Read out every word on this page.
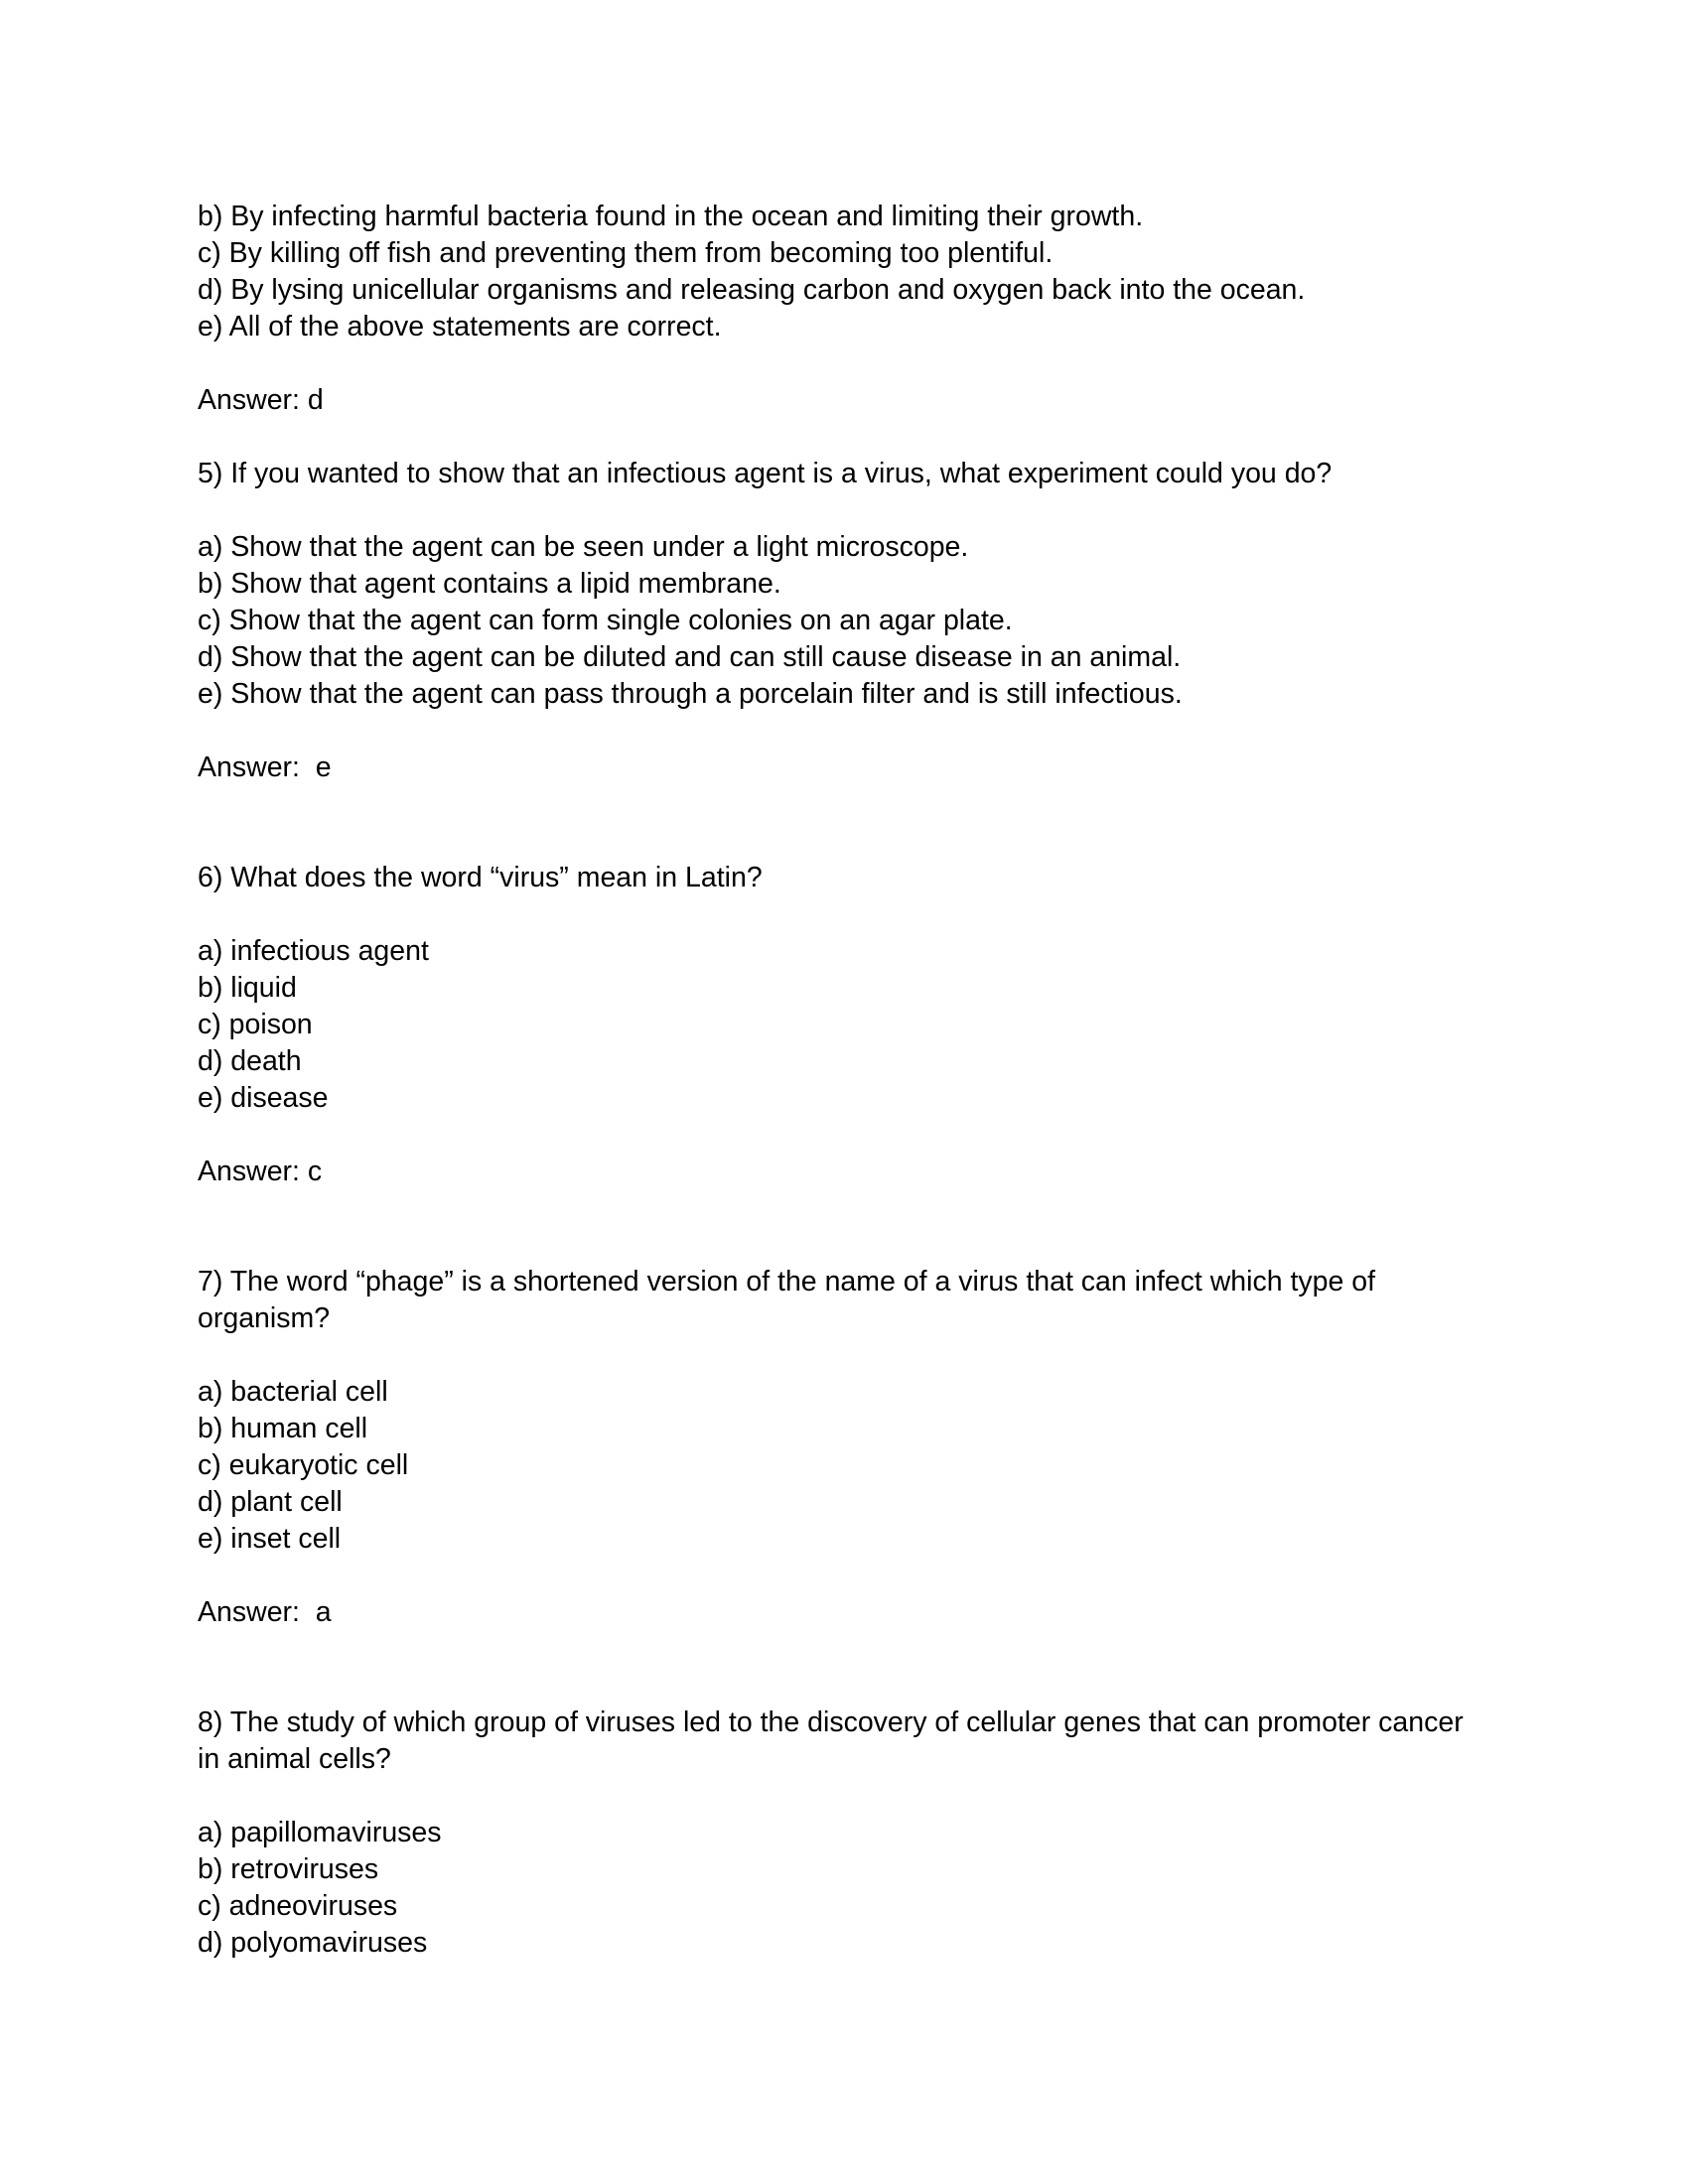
b) By infecting harmful bacteria found in the ocean and limiting their growth.

c) By killing off fish and preventing them from becoming too plentiful.

d) By lysing unicellular organisms and releasing carbon and oxygen back into the ocean.

e) All of the above statements are correct.

Answer: d

5) If you wanted to show that an infectious agent is a virus, what experiment could you do?

a) Show that the agent can be seen under a light microscope.

b) Show that agent contains a lipid membrane.

c) Show that the agent can form single colonies on an agar plate.

d) Show that the agent can be diluted and can still cause disease in an animal.

e) Show that the agent can pass through a porcelain filter and is still infectious.

Answer:  e

6) What does the word “virus” mean in Latin?

a) infectious agent

b) liquid

c) poison

d) death

e) disease

Answer: c

7) The word “phage” is a shortened version of the name of a virus that can infect which type of organism?

a) bacterial cell

b) human cell

c) eukaryotic cell

d) plant cell

e) inset cell

Answer:  a

8) The study of which group of viruses led to the discovery of cellular genes that can promoter cancer in animal cells?

a) papillomaviruses

b) retroviruses

c) adneoviruses

d) polyomaviruses
